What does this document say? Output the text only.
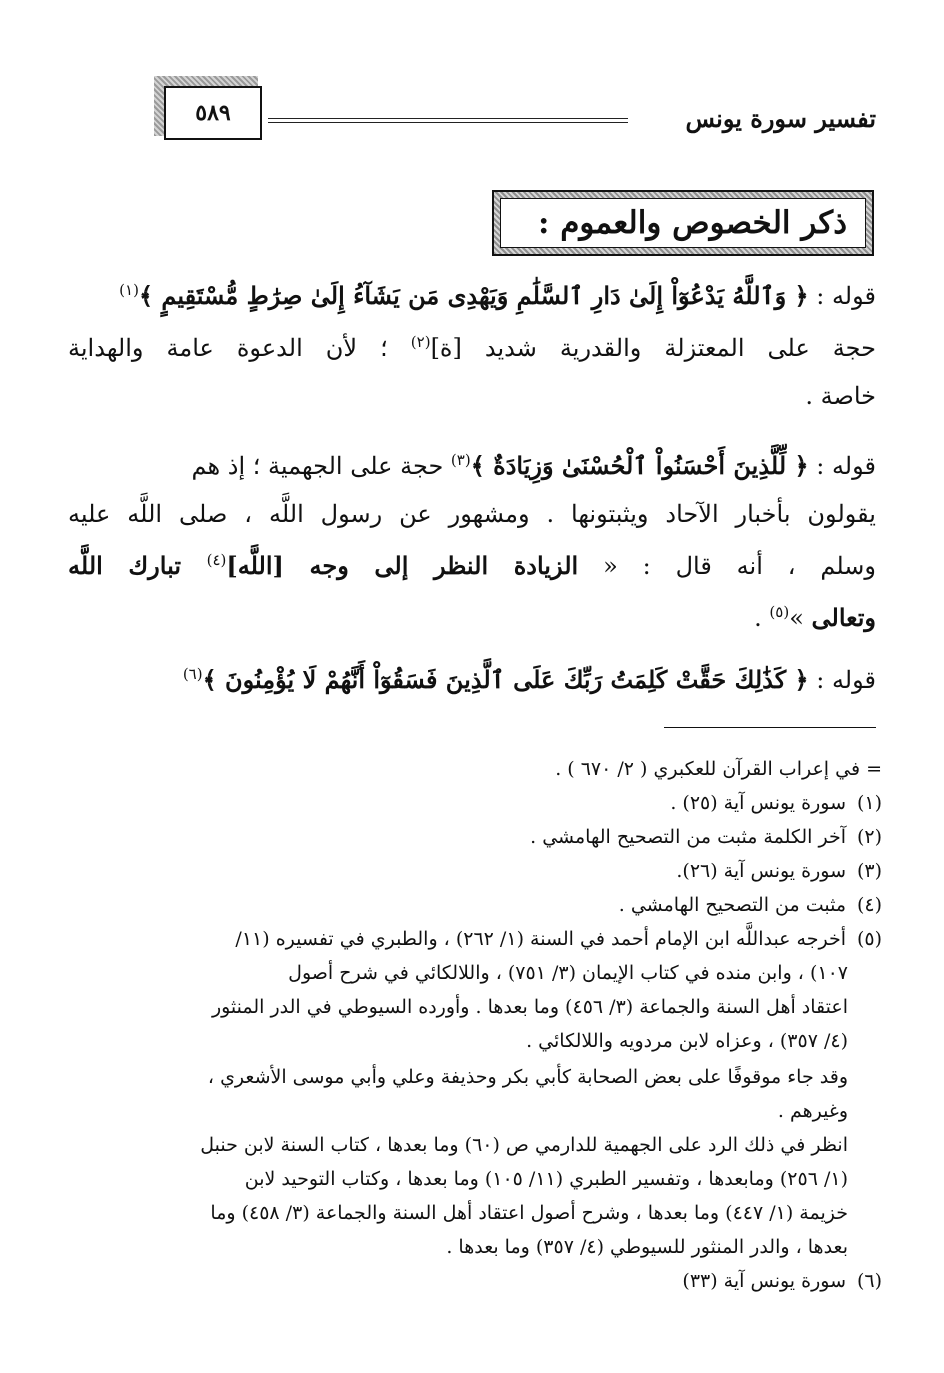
تفسير سورة يونس
٥٨٩
ذكر الخصوص والعموم :
قوله : ﴿ وَٱللَّهُ يَدْعُوٓاْ إِلَىٰ دَارِ ٱلسَّلَٰمِ وَيَهْدِى مَن يَشَآءُ إِلَىٰ صِرَٰطٍ مُّسْتَقِيمٍ ﴾$^{(١)}$
حجة على المعتزلة والقدرية شديد [ة]$^{(٢)}$ ؛ لأن الدعوة عامة والهداية
خاصة .
قوله : ﴿ لِّلَّذِينَ أَحْسَنُواْ ٱلْحُسْنَىٰ وَزِيَادَةٌ ﴾$^{(٣)}$ حجة على الجهمية ؛ إذ هم
يقولون بأخبار الآحاد ويثبتونها . ومشهور عن رسول اللَّه ، صلى اللَّه عليه
وسلم ، أنه قال : « الزيادة النظر إلى وجه [اللَّه]$^{(٤)}$ تبارك اللَّه
وتعالى »$^{(٥)}$ .
قوله : ﴿ كَذَٰلِكَ حَقَّتْ كَلِمَتُ رَبِّكَ عَلَى ٱلَّذِينَ فَسَقُوٓاْ أَنَّهُمْ لَا يُؤْمِنُونَ ﴾$^{(٦)}$
= في إعراب القرآن للعكبري ( ٢/ ٦٧٠ ) .
(١)سورة يونس آية (٢٥) .
(٢)آخر الكلمة مثبت من التصحيح الهامشي .
(٣)سورة يونس آية (٢٦).
(٤)مثبت من التصحيح الهامشي .
(٥)أخرجه عبداللَّه ابن الإمام أحمد في السنة (١/ ٢٦٢) ، والطبري في تفسيره (١١/
١٠٧) ، وابن منده في كتاب الإيمان (٣/ ٧٥١) ، واللالكائي في شرح أصول
اعتقاد أهل السنة والجماعة (٣/ ٤٥٦) وما بعدها . وأورده السيوطي في الدر المنثور
(٤/ ٣٥٧) ، وعزاه لابن مردويه واللالكائي .
وقد جاء موقوفًا على بعض الصحابة كأبي بكر وحذيفة وعلي وأبي موسى الأشعري ،
وغيرهم .
انظر في ذلك الرد على الجهمية للدارمي ص (٦٠) وما بعدها ، كتاب السنة لابن حنبل
(١/ ٢٥٦) ومابعدها ، وتفسير الطبري (١١/ ١٠٥) وما بعدها ، وكتاب التوحيد لابن
خزيمة (١/ ٤٤٧) وما بعدها ، وشرح أصول اعتقاد أهل السنة والجماعة (٣/ ٤٥٨) وما
بعدها ، والدر المنثور للسيوطي (٤/ ٣٥٧) وما بعدها .
(٦)سورة يونس آية (٣٣)
